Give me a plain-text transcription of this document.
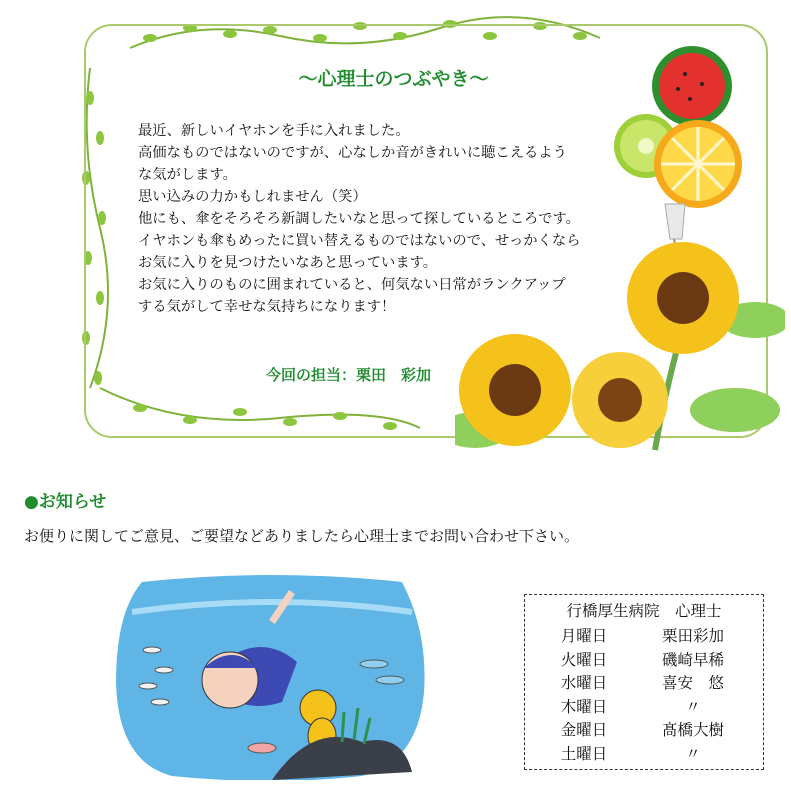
～心理士のつぶやき～

最近、新しいイヤホンを手に入れました。

高価なものではないのですが、心なしか音がきれいに聴こえるよう

な気がします。

思い込みの力かもしれません（笑）

他にも、傘をそろそろ新調したいなと思って探しているところです。

イヤホンも傘もめったに買い替えるものではないので、せっかくなら

お気に入りを見つけたいなあと思っています。

お気に入りのものに囲まれていると、何気ない日常がランクアップ

する気がして幸せな気持ちになります！

今回の担当：栗田　彩加
●お知らせ
お便りに関してご意見、ご要望などありましたら心理士までお問い合わせ下さい。
行橋厚生病院　心理士
月曜日	栗田彩加
火曜日	磯崎早稀
水曜日	喜安　悠
木曜日	〃
金曜日	髙橋大樹
土曜日	〃
